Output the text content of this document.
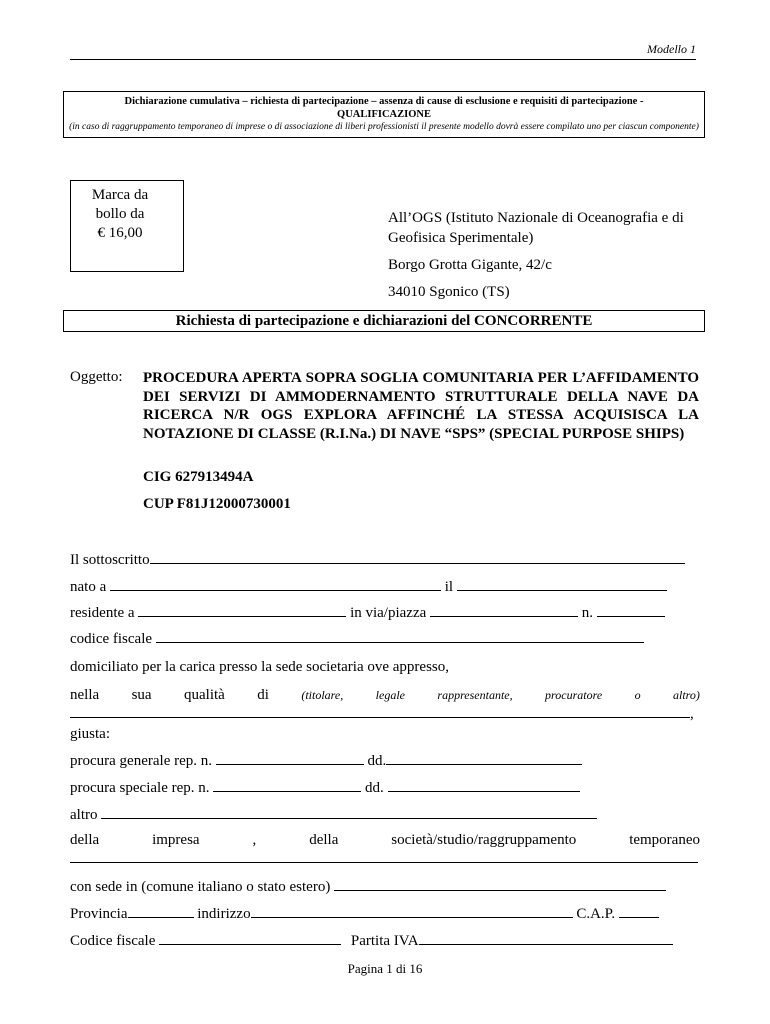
Modello 1
Dichiarazione cumulativa – richiesta di partecipazione – assenza di cause di esclusione e requisiti di partecipazione -
QUALIFICAZIONE
(in caso di raggruppamento temporaneo di imprese o di associazione di liberi professionisti il presente modello dovrà essere compilato uno per ciascun componente)
Marca da
bollo da
€ 16,00

All’OGS (Istituto Nazionale di Oceanografia e di Geofisica Sperimentale)

Borgo Grotta Gigante, 42/c

34010 Sgonico (TS)

Richiesta di partecipazione e dichiarazioni del CONCORRENTE
Oggetto: PROCEDURA APERTA SOPRA SOGLIA COMUNITARIA PER L’AFFIDAMENTO DEI SERVIZI DI AMMODERNAMENTO STRUTTURALE DELLA NAVE DA RICERCA N/R OGS EXPLORA AFFINCHÉ LA STESSA ACQUISISCA LA NOTAZIONE DI CLASSE (R.I.Na.) DI NAVE “SPS” (SPECIAL PURPOSE SHIPS)
CIG 627913494A
CUP F81J12000730001
Il sottoscritto
nato a	il
residente a	in via/piazza	n.
codice fiscale
domiciliato per la carica presso la sede societaria ove appresso,
nella sua qualità di	(titolare,	legale	rappresentante,	procuratore	o	altro)
,
giusta:
procura generale rep. n.	dd.
procura speciale rep. n.	dd.
altro
della	impresa	,	della	società/studio/raggruppamento	temporaneo
con sede in (comune italiano o stato estero)
Provincia	indirizzo	C.A.P.
Codice fiscale	Partita IVA
Pagina 1 di 16
